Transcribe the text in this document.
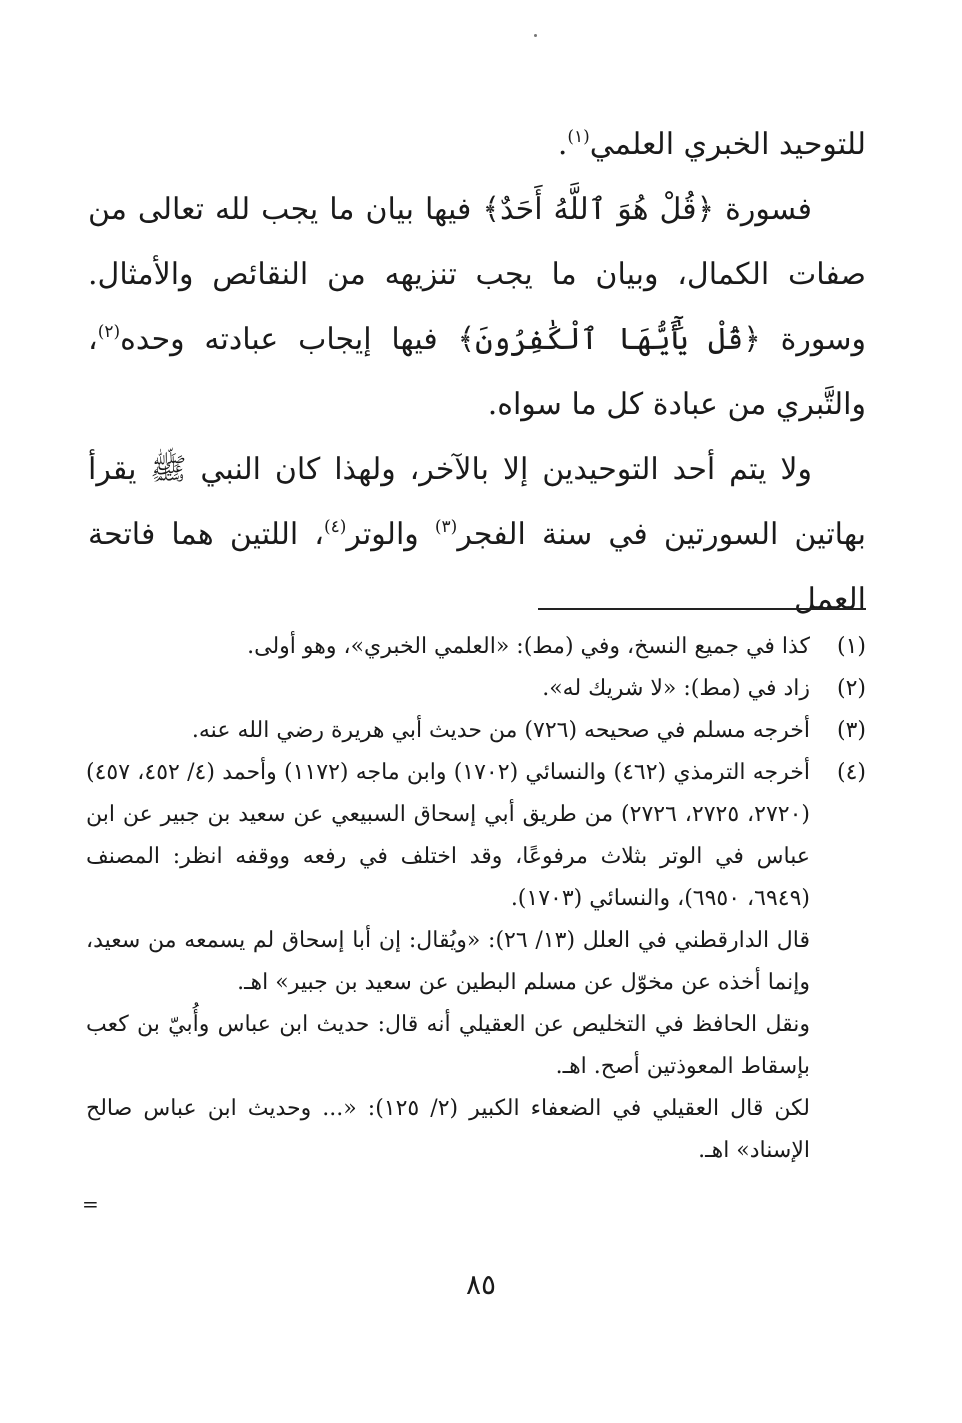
للتوحيد الخبري العلمي$^{(١)}$.

فسورة ﴿قُلْ هُوَ ٱللَّهُ أَحَدٌ﴾ فيها بيان ما يجب لله تعالى من صفات الكمال، وبيان ما يجب تنزيهه من النقائص والأمثال. وسورة ﴿قُلْ يَٰٓأَيُّهَا ٱلْكَٰفِرُونَ﴾ فيها إيجاب عبادته وحده$^{(٢)}$، والتَّبري من عبادة كل ما سواه.

ولا يتم أحد التوحيدين إلا بالآخر، ولهذا كان النبي ﷺ يقرأ بهاتين السورتين في سنة الفجر$^{(٣)}$ والوتر$^{(٤)}$، اللتين هما فاتحة العمل

(١)
كذا في جميع النسخ، وفي (مط): «العلمي الخبري»، وهو أولى.
(٢)
زاد في (مط): «لا شريك له».
(٣)
أخرجه مسلم في صحيحه (٧٢٦) من حديث أبي هريرة رضي الله عنه.
(٤)

أخرجه الترمذي (٤٦٢) والنسائي (١٧٠٢) وابن ماجه (١١٧٢) وأحمد (٤/ ٤٥٢، ٤٥٧) (٢٧٢٠، ٢٧٢٥، ٢٧٢٦) من طريق أبي إسحاق السبيعي عن سعيد بن جبير عن ابن عباس في الوتر بثلاث مرفوعًا، وقد اختلف في رفعه ووقفه انظر: المصنف (٦٩٤٩، ٦٩٥٠)، والنسائي (١٧٠٣).

قال الدارقطني في العلل (١٣/ ٢٦): «ويُقال: إن أبا إسحاق لم يسمعه من سعيد، وإنما أخذه عن مخوّل عن مسلم البطين عن سعيد بن جبير» اهـ.

ونقل الحافظ في التخليص عن العقيلي أنه قال: حديث ابن عباس وأُبيّ بن كعب بإسقاط المعوذتين أصح. اهـ.

لكن قال العقيلي في الضعفاء الكبير (٢/ ١٢٥): «... وحديث ابن عباس صالح الإسناد» اهـ.

=
٨٥
